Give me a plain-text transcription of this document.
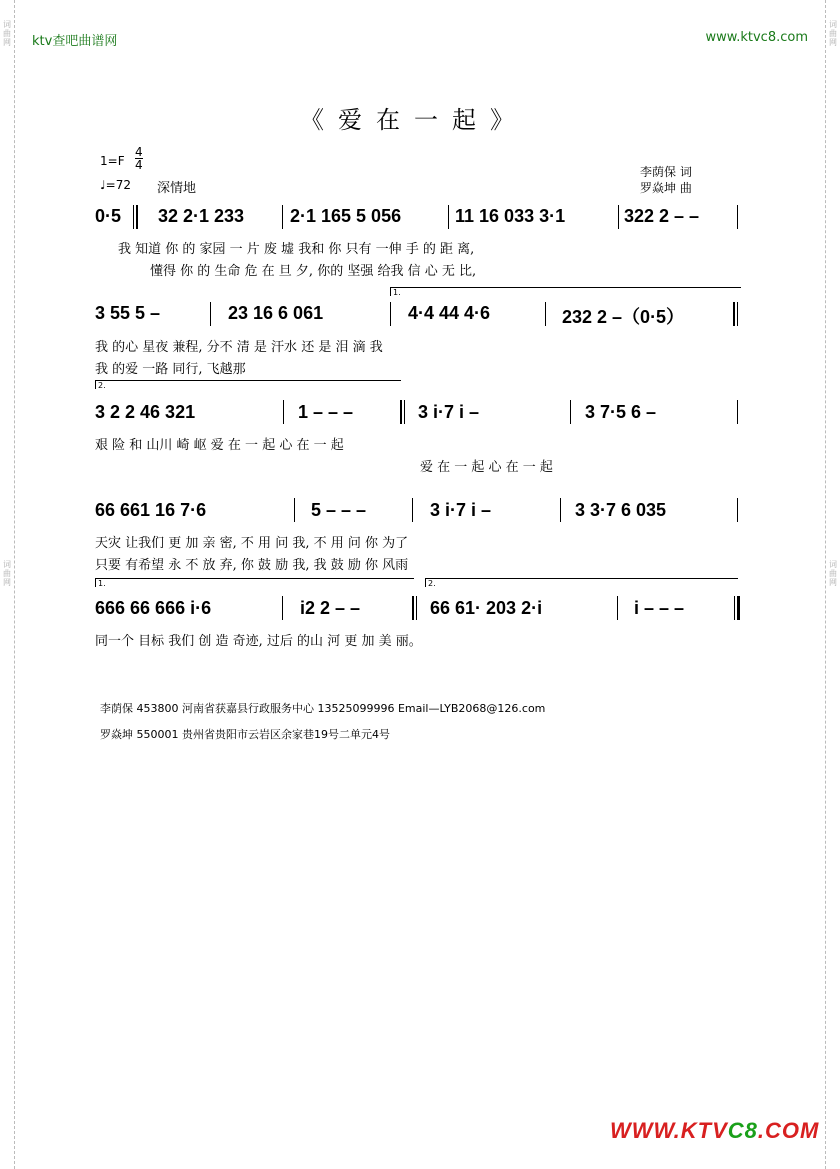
词曲网
词曲网
词曲网
词曲网
ktv查吧曲谱网	www.ktvc8.com
《爱在一起》
1=F
4
4
♩=72 深情地
李荫保 词
罗焱坤 曲
0·5 32 2·1 233	2·1 165 5 056	11 16 033 3·1	322 2 – –
我 知道 你 的 家园 一 片 废 墟 我和 你 只有 一伸 手 的 距 离,
懂得 你 的 生命 危 在 旦 夕, 你的 坚强 给我 信 心 无 比,
1.
3 55 5 –	23 16 6 061	4·4 44 4·6	232 2 –（0·5）
我 的心 星夜 兼程, 分不 清 是 汗水 还 是 泪 滴 我
我 的爱 一路 同行, 飞越那
2.
3 2 2 46 321	1 – – –	3 i·7 i –	3 7·5 6 –
艰 险 和 山川 崎 岖 爱 在 一 起 心 在 一 起
爱 在 一 起 心 在 一 起
66 661 16 7·6	5 – – –	3 i·7 i –	3 3·7 6 035
天灾 让我们 更 加 亲 密, 不 用 问 我, 不 用 问 你 为了
只要 有希望 永 不 放 弃, 你 鼓 励 我, 我 鼓 励 你 风雨
1.	2.
666 66 666 i·6	i2 2 – –	66 61· 203 2·i	i – – –
同一个 目标 我们 创 造 奇迹, 过后 的山 河 更 加 美 丽。
李荫保 453800 河南省获嘉县行政服务中心 13525099996 Email—LYB2068@126.com
罗焱坤 550001 贵州省贵阳市云岩区余家巷19号二单元4号
WWW.KTVC8.COM
